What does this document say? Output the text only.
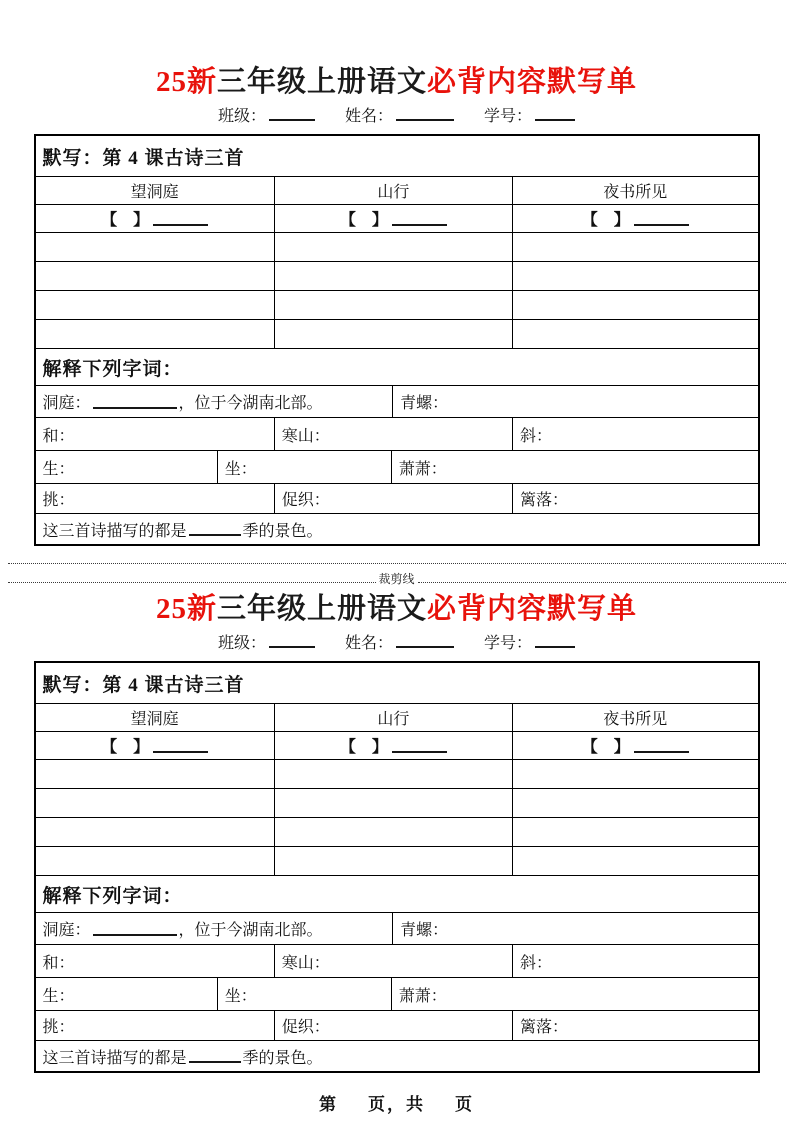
25新三年级上册语文必背内容默写单
班级：	姓名：	学号：
默写：第 4 课古诗三首
望洞庭	山行	夜书所见
【　】	【　】	【　】
解释下列字词：
洞庭：	，位于今湖南北部。	青螺：
和：	寒山：	斜：
生：	坐：	萧萧：
挑：	促织：	篱落：
这三首诗描写的都是	季的景色。
裁剪线
25新三年级上册语文必背内容默写单
班级：	姓名：	学号：
默写：第 4 课古诗三首
望洞庭	山行	夜书所见
【　】	【　】	【　】
解释下列字词：
洞庭：	，位于今湖南北部。	青螺：
和：	寒山：	斜：
生：	坐：	萧萧：
挑：	促织：	篱落：
这三首诗描写的都是	季的景色。
第 页，共 页
